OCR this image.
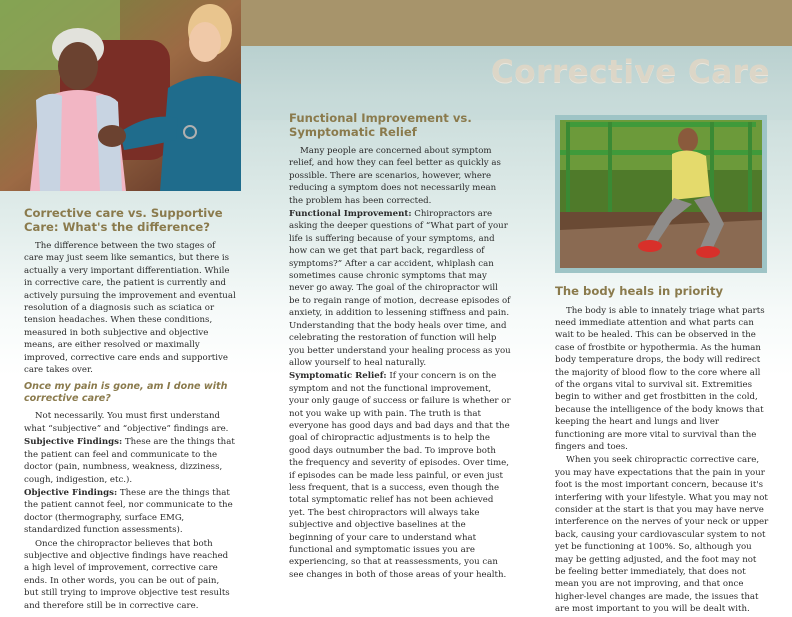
Corrective Care
Corrective care vs. Supportive Care: What's the difference?

The difference between the two stages of care may just seem like semantics, but there is actually a very important differentiation. While in corrective care, the patient is currently and actively pursuing the improvement and eventual resolution of a diagnosis such as sciatica or tension headaches. When these conditions, measured in both subjective and objective means, are either resolved or maximally improved, corrective care ends and supportive care takes over.

Once my pain is gone, am I done with corrective care?

Not necessarily. You must first understand what “subjective” and “objective” findings are.

Subjective Findings: These are the things that the patient can feel and communicate to the doctor (pain, numbness, weakness, dizziness, cough, indigestion, etc.).

Objective Findings: These are the things that the patient cannot feel, nor communicate to the doctor (thermography, surface EMG, standardized function assessments).

Once the chiropractor believes that both subjective and objective findings have reached a high level of improvement, corrective care ends. In other words, you can be out of pain, but still trying to improve objective test results and therefore still be in corrective care.

Functional Improvement vs. Symptomatic Relief

Many people are concerned about symptom relief, and how they can feel better as quickly as possible. There are scenarios, however, where reducing a symptom does not necessarily mean the problem has been corrected.

Functional Improvement: Chiropractors are asking the deeper questions of “What part of your life is suffering because of your symptoms, and how can we get that part back, regardless of symptoms?” After a car accident, whiplash can sometimes cause chronic symptoms that may never go away. The goal of the chiropractor will be to regain range of motion, decrease episodes of anxiety, in addition to lessening stiffness and pain. Understanding that the body heals over time, and celebrating the restoration of function will help you better understand your healing process as you allow yourself to heal naturally.

Symptomatic Relief: If your concern is on the symptom and not the functional improvement, your only gauge of success or failure is whether or not you wake up with pain. The truth is that everyone has good days and bad days and that the goal of chiropractic adjustments is to help the good days outnumber the bad. To improve both the frequency and severity of episodes. Over time, if episodes can be made less painful, or even just less frequent, that is a success, even though the total symptomatic relief has not been achieved yet. The best chiropractors will always take subjective and objective baselines at the beginning of your care to understand what functional and symptomatic issues you are experiencing, so that at reassessments, you can see changes in both of those areas of your health.

The body heals in priority

The body is able to innately triage what parts need immediate attention and what parts can wait to be healed. This can be observed in the case of frostbite or hypothermia. As the human body temperature drops, the body will redirect the majority of blood flow to the core where all of the organs vital to survival sit. Extremities begin to wither and get frostbitten in the cold, because the intelligence of the body knows that keeping the heart and lungs and liver functioning are more vital to survival than the fingers and toes.

When you seek chiropractic corrective care, you may have expectations that the pain in your foot is the most important concern, because it's interfering with your lifestyle. What you may not consider at the start is that you may have nerve interference on the nerves of your neck or upper back, causing your cardiovascular system to not yet be functioning at 100%. So, although you may be getting adjusted, and the foot may not be feeling better immediately, that does not mean you are not improving, and that once higher-level changes are made, the issues that are most important to you will be dealt with.
